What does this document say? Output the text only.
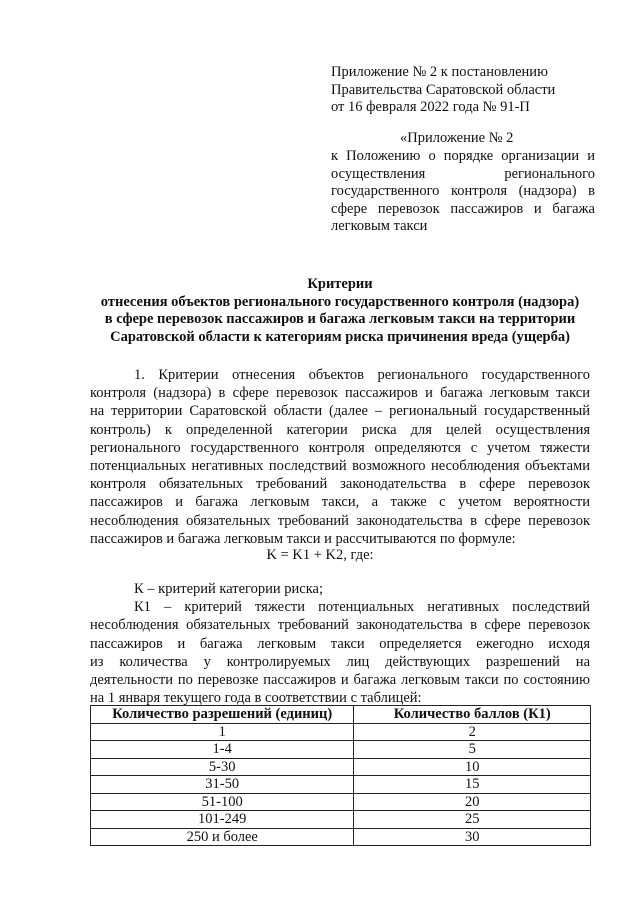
Приложение № 2 к постановлению
Правительства Саратовской области
от 16 февраля 2022 года № 91-П
«Приложение № 2
к Положению о порядке организации и осуществления регионального государственного контроля (надзора) в сфере перевозок пассажиров и багажа легковым такси
Критерии
отнесения объектов регионального государственного контроля (надзора)
в сфере перевозок пассажиров и багажа легковым такси на территории
Саратовской области к категориям риска причинения вреда (ущерба)
1. Критерии отнесения объектов регионального государственного
контроля (надзора) в сфере перевозок пассажиров и багажа легковым такси
на территории Саратовской области (далее – региональный государственный
контроль) к определенной категории риска для целей осуществления
регионального государственного контроля определяются с учетом тяжести
потенциальных негативных последствий возможного несоблюдения объектами
контроля обязательных требований законодательства в сфере перевозок
пассажиров и багажа легковым такси, а также с учетом вероятности
несоблюдения обязательных требований законодательства в сфере перевозок
пассажиров и багажа легковым такси и рассчитываются по формуле:
K = K1 + K2, где:
К – критерий категории риска;
К1 – критерий тяжести потенциальных негативных последствий
несоблюдения обязательных требований законодательства в сфере перевозок
пассажиров и багажа легковым такси определяется ежегодно исходя
из количества у контролируемых лиц действующих разрешений на
деятельности по перевозке пассажиров и багажа легковым такси по состоянию
на 1 января текущего года в соответствии с таблицей:
Количество разрешений (единиц)	Количество баллов (К1)
1	2
1-4	5
5-30	10
31-50	15
51-100	20
101-249	25
250 и более	30
